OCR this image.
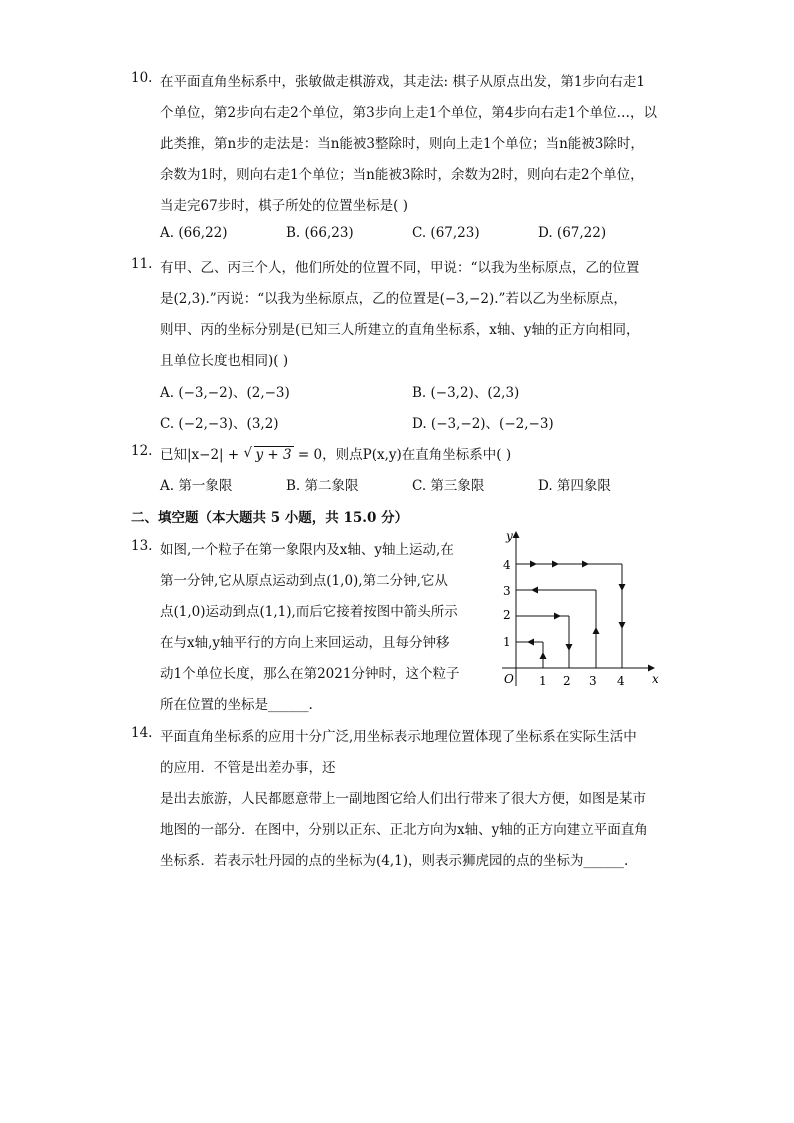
10. 在平面直角坐标系中，张敏做走棋游戏，其走法: 棋子从原点出发，第1步向右走1
个单位，第2步向右走2个单位，第3步向上走1个单位，第4步向右走1个单位…，以
此类推，第n步的走法是：当n能被3整除时，则向上走1个单位；当n能被3除时，
余数为1时，则向右走1个单位；当n能被3除时，余数为2时，则向右走2个单位，
当走完67步时，棋子所处的位置坐标是( )
A. (66,22)	B. (66,23)	C. (67,23)	D. (67,22)
11. 有甲、乙、丙三个人，他们所处的位置不同，甲说：“以我为坐标原点，乙的位置
是(2,3).”丙说：“以我为坐标原点，乙的位置是(−3,−2).”若以乙为坐标原点，
则甲、丙的坐标分别是(已知三人所建立的直角坐标系，x轴、y轴的正方向相同，
且单位长度也相同)( )
A. (−3,−2)、(2,−3)	B. (−3,2)、(2,3)
C. (−2,−3)、(3,2)	D. (−3,−2)、(−2,−3)
12. 已知|x−2| + √ y + 3 = 0，则点P(x,y)在直角坐标系中( )
A. 第一象限	B. 第二象限	C. 第三象限	D. 第四象限
二、填空题（本大题共 5 小题，共 15.0 分）
13. 如图,一个粒子在第一象限内及x轴、y轴上运动,在
第一分钟,它从原点运动到点(1,0),第二分钟,它从
点(1,0)运动到点(1,1),而后它接着按图中箭头所示
在与x轴,y轴平行的方向上来回运动，且每分钟移
动1个单位长度，那么在第2021分钟时，这个粒子
所在位置的坐标是______.
x
y
O 1 2 3 4
1
2
3
4
14. 平面直角坐标系的应用十分广泛,用坐标表示地理位置体现了坐标系在实际生活中
的应用．不管是出差办事，还
是出去旅游，人民都愿意带上一副地图它给人们出行带来了很大方便，如图是某市
地图的一部分．在图中，分别以正东、正北方向为x轴、y轴的正方向建立平面直角
坐标系．若表示牡丹园的点的坐标为(4,1)，则表示狮虎园的点的坐标为______.
